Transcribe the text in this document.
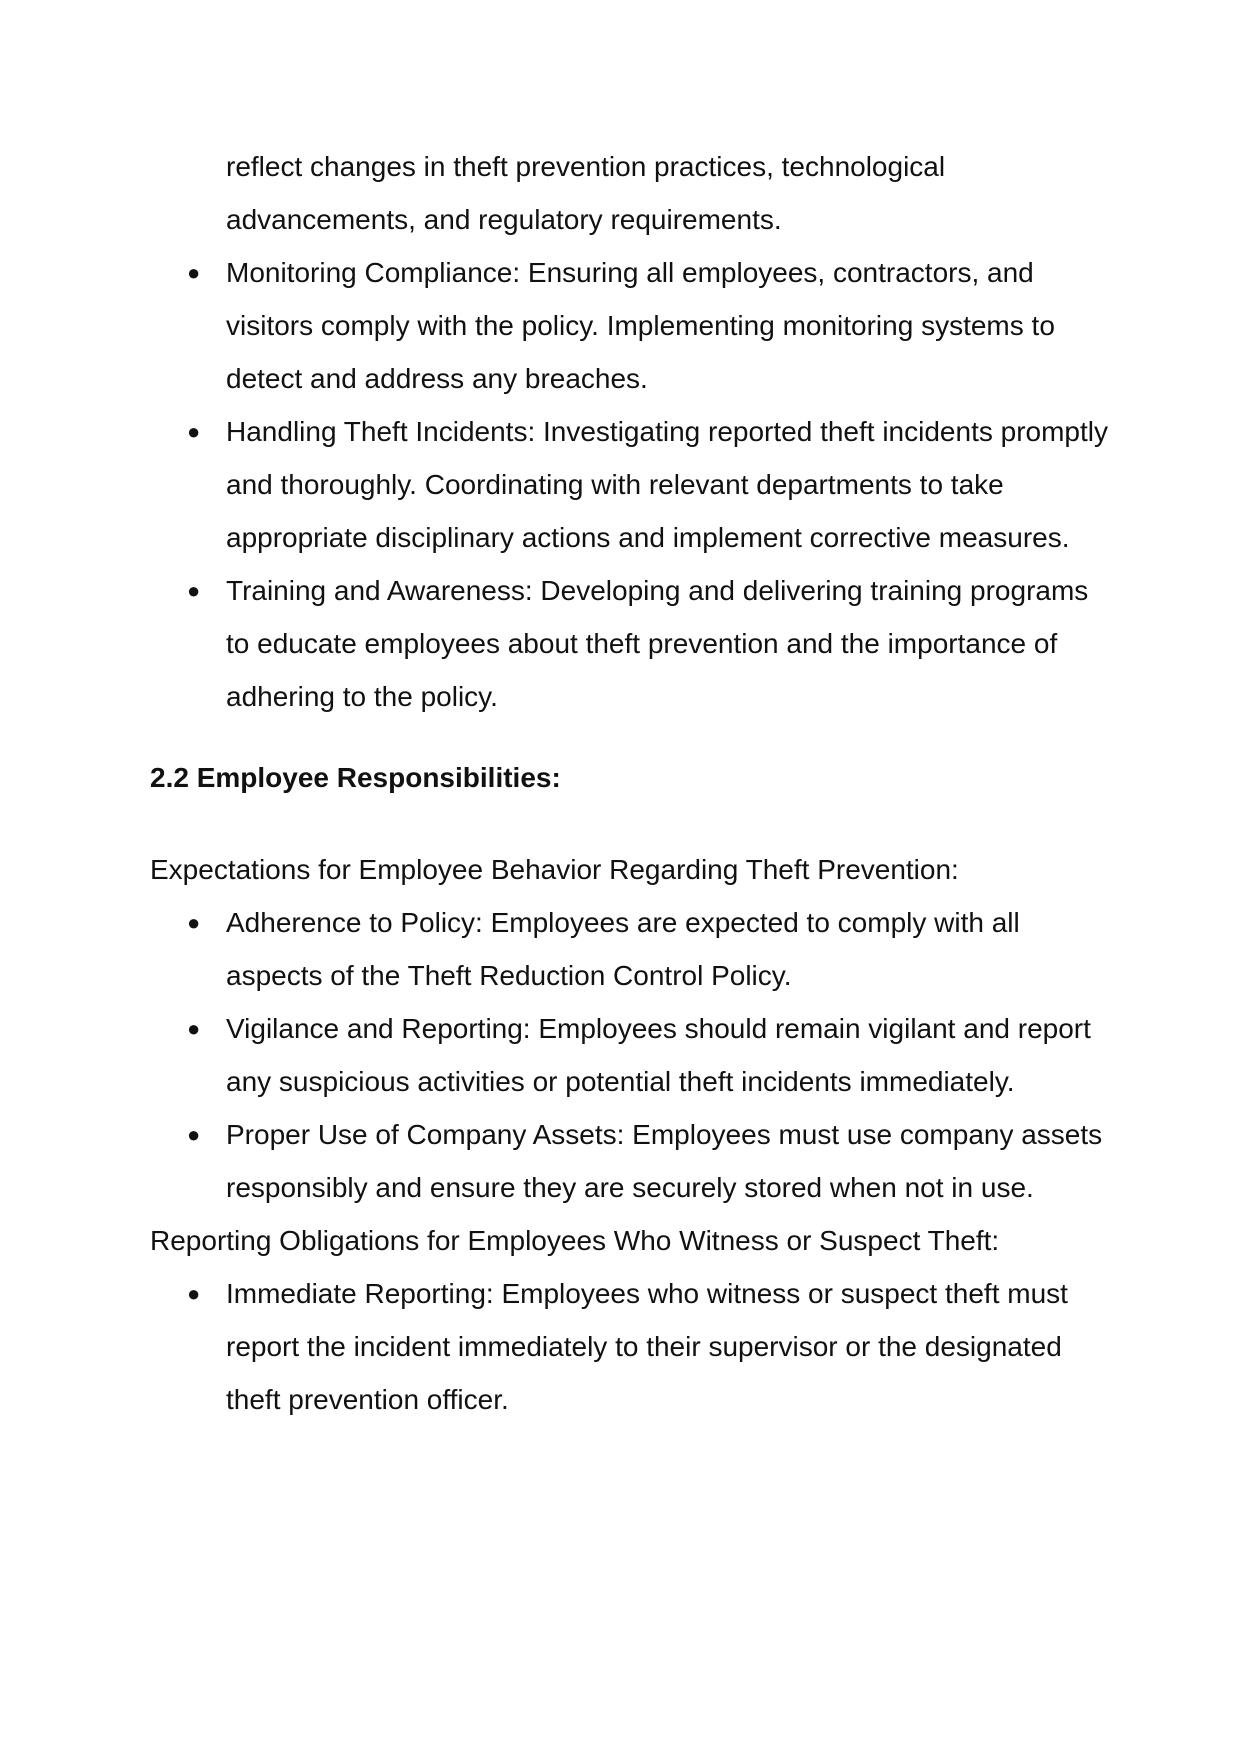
reflect changes in theft prevention practices, technological advancements, and regulatory requirements.
● Monitoring Compliance: Ensuring all employees, contractors, and visitors comply with the policy. Implementing monitoring systems to detect and address any breaches.
● Handling Theft Incidents: Investigating reported theft incidents promptly and thoroughly. Coordinating with relevant departments to take appropriate disciplinary actions and implement corrective measures.
● Training and Awareness: Developing and delivering training programs to educate employees about theft prevention and the importance of adhering to the policy.
2.2 Employee Responsibilities:
Expectations for Employee Behavior Regarding Theft Prevention:
● Adherence to Policy: Employees are expected to comply with all aspects of the Theft Reduction Control Policy.
● Vigilance and Reporting: Employees should remain vigilant and report any suspicious activities or potential theft incidents immediately.
● Proper Use of Company Assets: Employees must use company assets responsibly and ensure they are securely stored when not in use.
Reporting Obligations for Employees Who Witness or Suspect Theft:
● Immediate Reporting: Employees who witness or suspect theft must report the incident immediately to their supervisor or the designated theft prevention officer.
